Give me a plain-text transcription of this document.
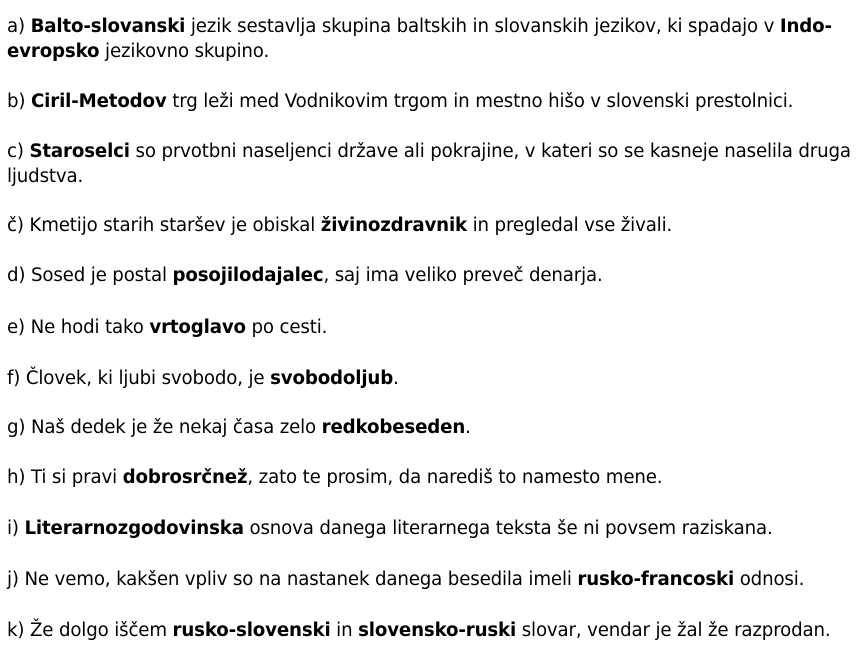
a) Balto-slovanski jezik sestavlja skupina baltskih in slovanskih jezikov, ki spadajo v Indo-evropsko jezikovno skupino.
b) Ciril-Metodov trg leži med Vodnikovim trgom in mestno hišo v slovenski prestolnici.
c) Staroselci so prvotbni naseljenci države ali pokrajine, v kateri so se kasneje naselila druga ljudstva.
č) Kmetijo starih staršev je obiskal živinozdravnik in pregledal vse živali.
d) Sosed je postal posojilodajalec, saj ima veliko preveč denarja.
e) Ne hodi tako vrtoglavo po cesti.
f) Človek, ki ljubi svobodo, je svobodoljub.
g) Naš dedek je že nekaj časa zelo redkobeseden.
h) Ti si pravi dobrosrčnež, zato te prosim, da narediš to namesto mene.
i) Literarnozgodovinska osnova danega literarnega teksta še ni povsem raziskana.
j) Ne vemo, kakšen vpliv so na nastanek danega besedila imeli rusko-francoski odnosi.
k) Že dolgo iščem rusko-slovenski in slovensko-ruski slovar, vendar je žal že razprodan.
